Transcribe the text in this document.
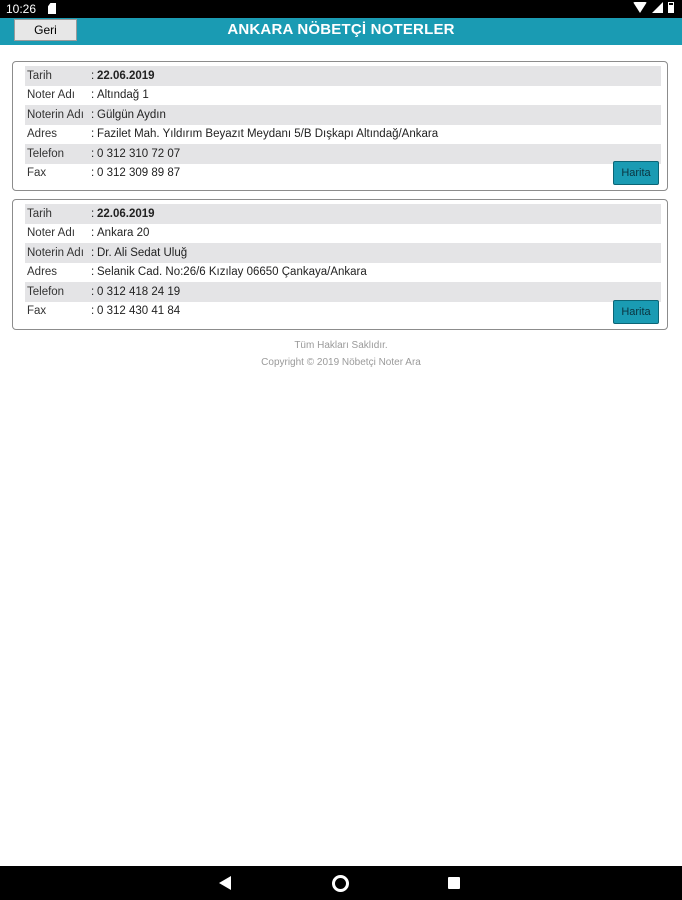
10:26
Geri	ANKARA NÖBETÇİ NOTERLER
Tarih	: 22.06.2019
Noter Adı	: Altındağ 1
Noterin Adı : Gülgün Aydın
Adres	: Fazilet Mah. Yıldırım Beyazıt Meydanı 5/B Dışkapı Altındağ/Ankara
Telefon	: 0 312 310 72 07
Fax	: 0 312 309 89 87	Harita
Tarih	: 22.06.2019
Noter Adı	: Ankara 20
Noterin Adı : Dr. Ali Sedat Uluğ
Adres	: Selanik Cad. No:26/6 Kızılay 06650 Çankaya/Ankara
Telefon	: 0 312 418 24 19
Fax	: 0 312 430 41 84	Harita
Tüm Hakları Saklıdır.
Copyright © 2019 Nöbetçi Noter Ara
